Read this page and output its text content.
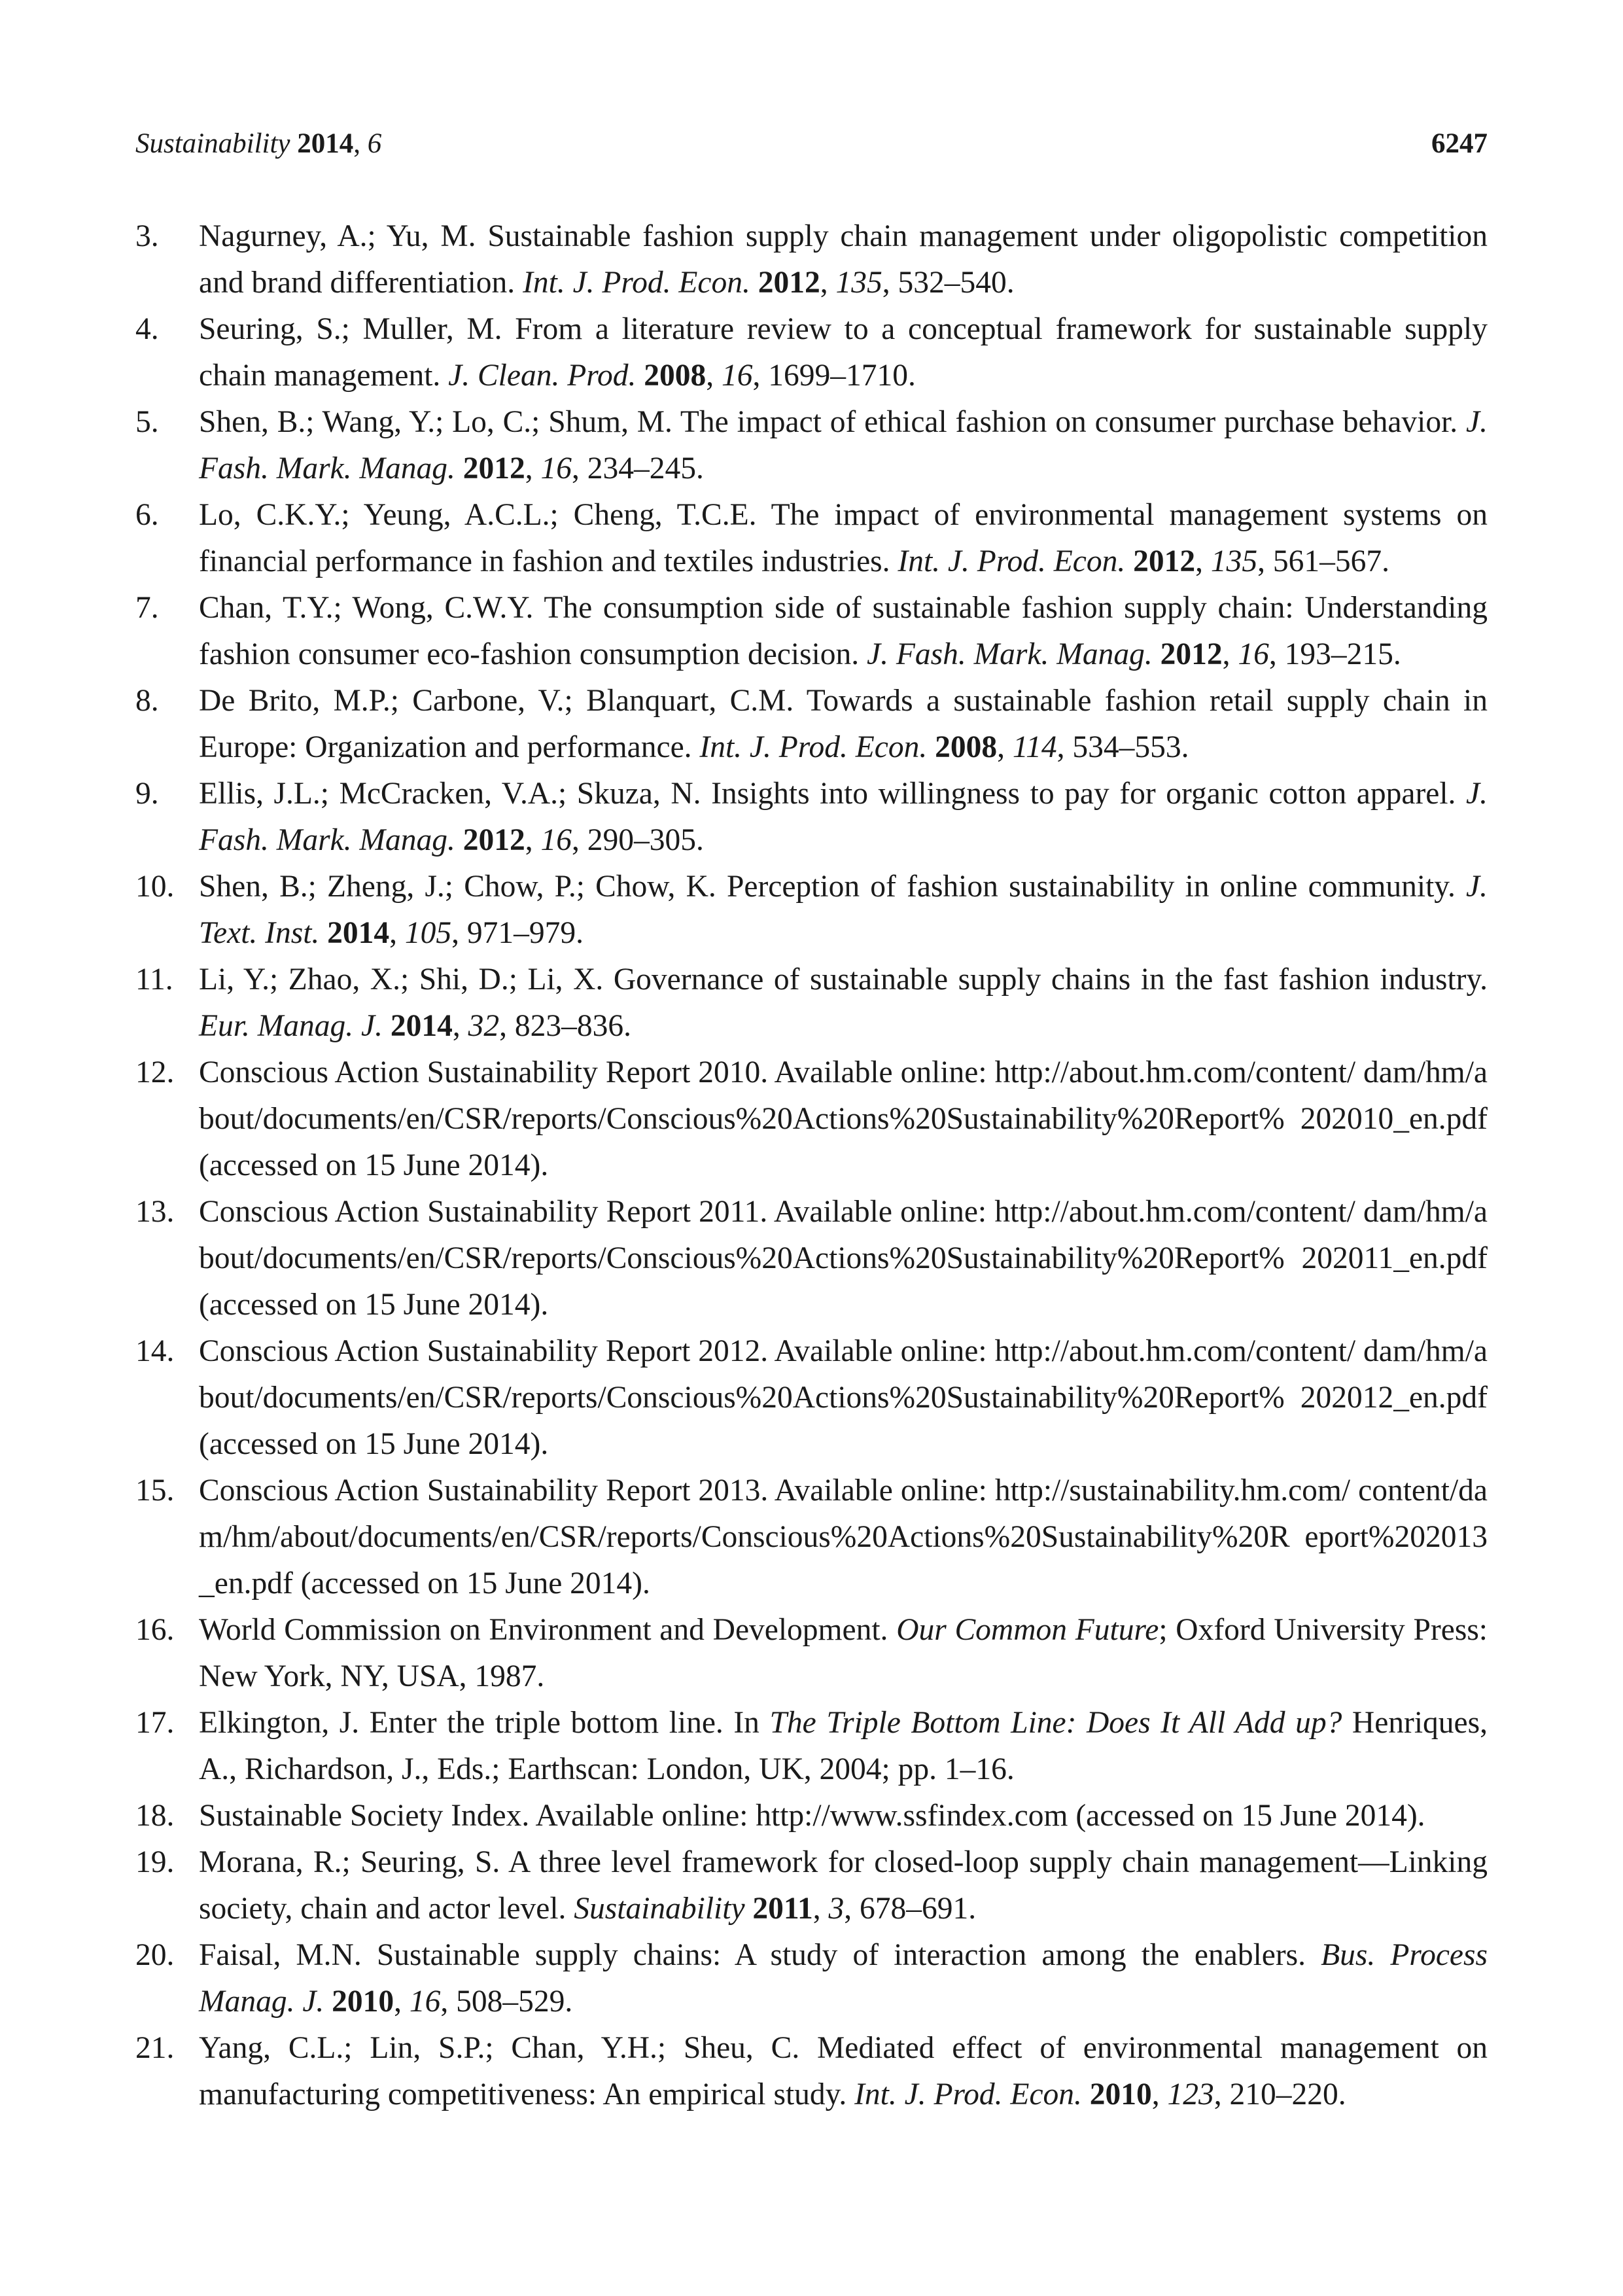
Sustainability 2014, 6	6247
3. Nagurney, A.; Yu, M. Sustainable fashion supply chain management under oligopolistic competition and brand differentiation. Int. J. Prod. Econ. 2012, 135, 532–540.
4. Seuring, S.; Muller, M. From a literature review to a conceptual framework for sustainable supply chain management. J. Clean. Prod. 2008, 16, 1699–1710.
5. Shen, B.; Wang, Y.; Lo, C.; Shum, M. The impact of ethical fashion on consumer purchase behavior. J. Fash. Mark. Manag. 2012, 16, 234–245.
6. Lo, C.K.Y.; Yeung, A.C.L.; Cheng, T.C.E. The impact of environmental management systems on financial performance in fashion and textiles industries. Int. J. Prod. Econ. 2012, 135, 561–567.
7. Chan, T.Y.; Wong, C.W.Y. The consumption side of sustainable fashion supply chain: Understanding fashion consumer eco-fashion consumption decision. J. Fash. Mark. Manag. 2012, 16, 193–215.
8. De Brito, M.P.; Carbone, V.; Blanquart, C.M. Towards a sustainable fashion retail supply chain in Europe: Organization and performance. Int. J. Prod. Econ. 2008, 114, 534–553.
9. Ellis, J.L.; McCracken, V.A.; Skuza, N. Insights into willingness to pay for organic cotton apparel. J. Fash. Mark. Manag. 2012, 16, 290–305.
10. Shen, B.; Zheng, J.; Chow, P.; Chow, K. Perception of fashion sustainability in online community. J. Text. Inst. 2014, 105, 971–979.
11. Li, Y.; Zhao, X.; Shi, D.; Li, X. Governance of sustainable supply chains in the fast fashion industry. Eur. Manag. J. 2014, 32, 823–836.
12. Conscious Action Sustainability Report 2010. Available online: http://about.hm.com/content/ dam/hm/about/documents/en/CSR/reports/Conscious%20Actions%20Sustainability%20Report% 202010_en.pdf (accessed on 15 June 2014).
13. Conscious Action Sustainability Report 2011. Available online: http://about.hm.com/content/ dam/hm/about/documents/en/CSR/reports/Conscious%20Actions%20Sustainability%20Report% 202011_en.pdf (accessed on 15 June 2014).
14. Conscious Action Sustainability Report 2012. Available online: http://about.hm.com/content/ dam/hm/about/documents/en/CSR/reports/Conscious%20Actions%20Sustainability%20Report% 202012_en.pdf (accessed on 15 June 2014).
15. Conscious Action Sustainability Report 2013. Available online: http://sustainability.hm.com/ content/dam/hm/about/documents/en/CSR/reports/Conscious%20Actions%20Sustainability%20R eport%202013_en.pdf (accessed on 15 June 2014).
16. World Commission on Environment and Development. Our Common Future; Oxford University Press: New York, NY, USA, 1987.
17. Elkington, J. Enter the triple bottom line. In The Triple Bottom Line: Does It All Add up? Henriques, A., Richardson, J., Eds.; Earthscan: London, UK, 2004; pp. 1–16.
18. Sustainable Society Index. Available online: http://www.ssfindex.com (accessed on 15 June 2014).
19. Morana, R.; Seuring, S. A three level framework for closed-loop supply chain management—Linking society, chain and actor level. Sustainability 2011, 3, 678–691.
20. Faisal, M.N. Sustainable supply chains: A study of interaction among the enablers. Bus. Process Manag. J. 2010, 16, 508–529.
21. Yang, C.L.; Lin, S.P.; Chan, Y.H.; Sheu, C. Mediated effect of environmental management on manufacturing competitiveness: An empirical study. Int. J. Prod. Econ. 2010, 123, 210–220.
